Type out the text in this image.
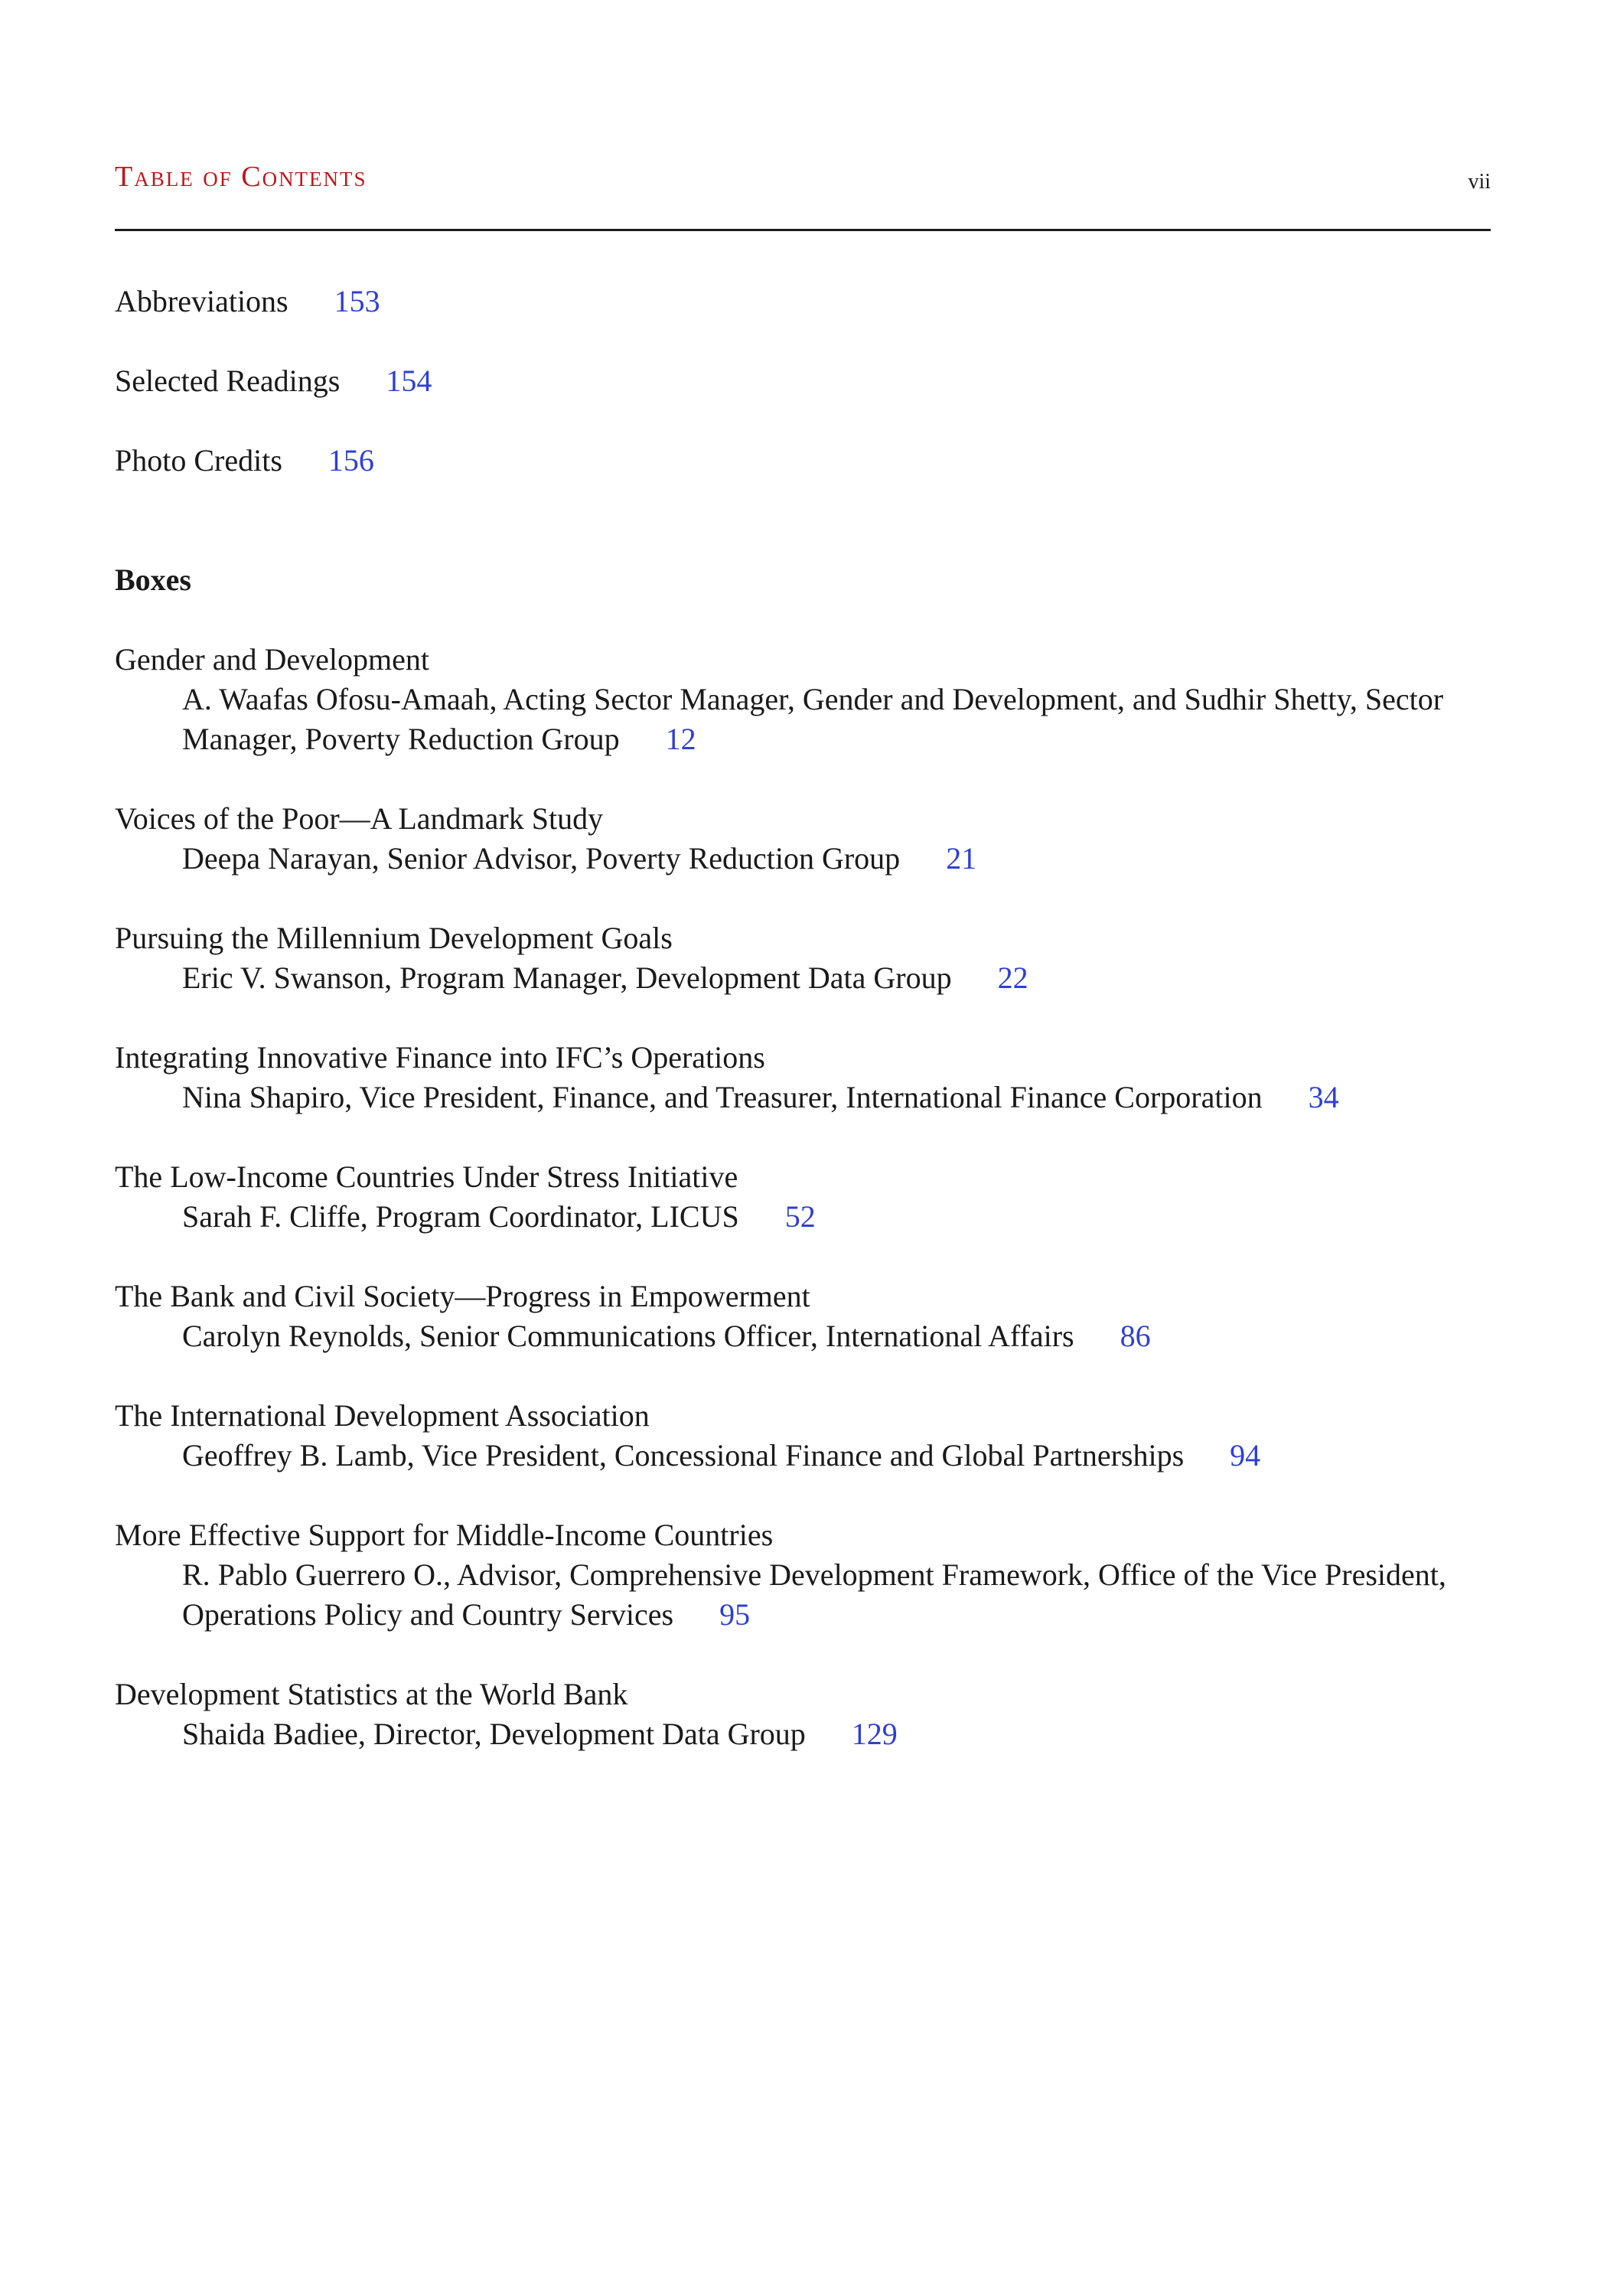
Table of Contents	vii
Abbreviations 153
Selected Readings 154
Photo Credits 156
Boxes
Gender and Development
A. Waafas Ofosu-Amaah, Acting Sector Manager, Gender and Development, and Sudhir Shetty, Sector Manager, Poverty Reduction Group 12
Voices of the Poor—A Landmark Study
Deepa Narayan, Senior Advisor, Poverty Reduction Group 21
Pursuing the Millennium Development Goals
Eric V. Swanson, Program Manager, Development Data Group 22
Integrating Innovative Finance into IFC’s Operations
Nina Shapiro, Vice President, Finance, and Treasurer, International Finance Corporation 34
The Low-Income Countries Under Stress Initiative
Sarah F. Cliffe, Program Coordinator, LICUS 52
The Bank and Civil Society—Progress in Empowerment
Carolyn Reynolds, Senior Communications Officer, International Affairs 86
The International Development Association
Geoffrey B. Lamb, Vice President, Concessional Finance and Global Partnerships 94
More Effective Support for Middle-Income Countries
R. Pablo Guerrero O., Advisor, Comprehensive Development Framework, Office of the Vice President, Operations Policy and Country Services 95
Development Statistics at the World Bank
Shaida Badiee, Director, Development Data Group 129
